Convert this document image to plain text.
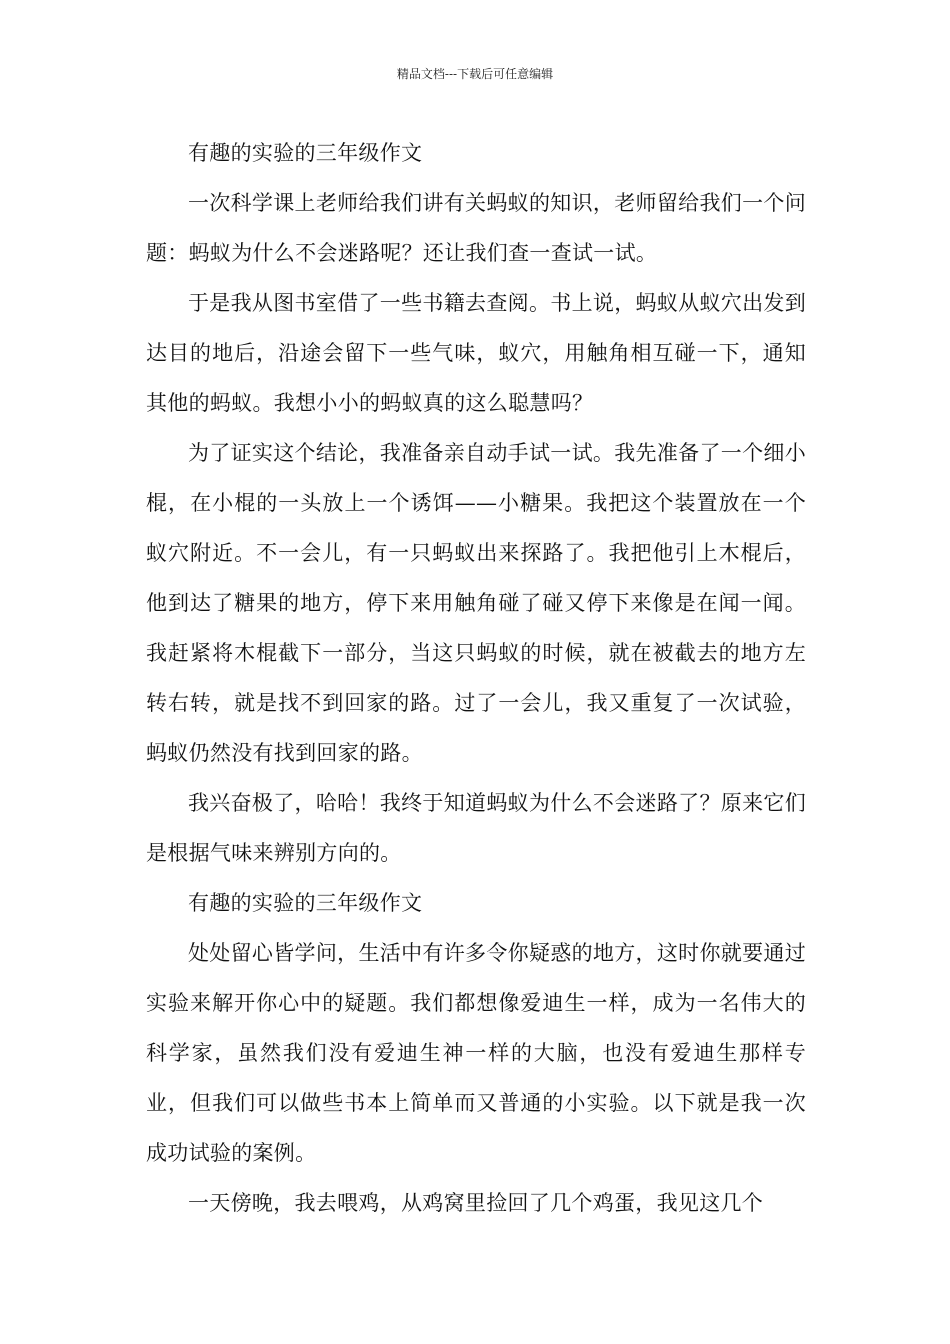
精品文档---下载后可任意编辑

有趣的实验的三年级作文

一次科学课上老师给我们讲有关蚂蚁的知识，老师留给我们一个问题：蚂蚁为什么不会迷路呢？还让我们查一查试一试。

于是我从图书室借了一些书籍去查阅。书上说，蚂蚁从蚁穴出发到达目的地后，沿途会留下一些气味，蚁穴，用触角相互碰一下，通知其他的蚂蚁。我想小小的蚂蚁真的这么聪慧吗？

为了证实这个结论，我准备亲自动手试一试。我先准备了一个细小棍，在小棍的一头放上一个诱饵——小糖果。我把这个装置放在一个蚁穴附近。不一会儿，有一只蚂蚁出来探路了。我把他引上木棍后，他到达了糖果的地方，停下来用触角碰了碰又停下来像是在闻一闻。我赶紧将木棍截下一部分，当这只蚂蚁的时候，就在被截去的地方左转右转，就是找不到回家的路。过了一会儿，我又重复了一次试验，蚂蚁仍然没有找到回家的路。

我兴奋极了，哈哈！我终于知道蚂蚁为什么不会迷路了？原来它们是根据气味来辨别方向的。

有趣的实验的三年级作文

处处留心皆学问，生活中有许多令你疑惑的地方，这时你就要通过实验来解开你心中的疑题。我们都想像爱迪生一样，成为一名伟大的科学家，虽然我们没有爱迪生神一样的大脑，也没有爱迪生那样专业，但我们可以做些书本上简单而又普通的小实验。以下就是我一次成功试验的案例。

一天傍晚，我去喂鸡，从鸡窝里捡回了几个鸡蛋，我见这几个
